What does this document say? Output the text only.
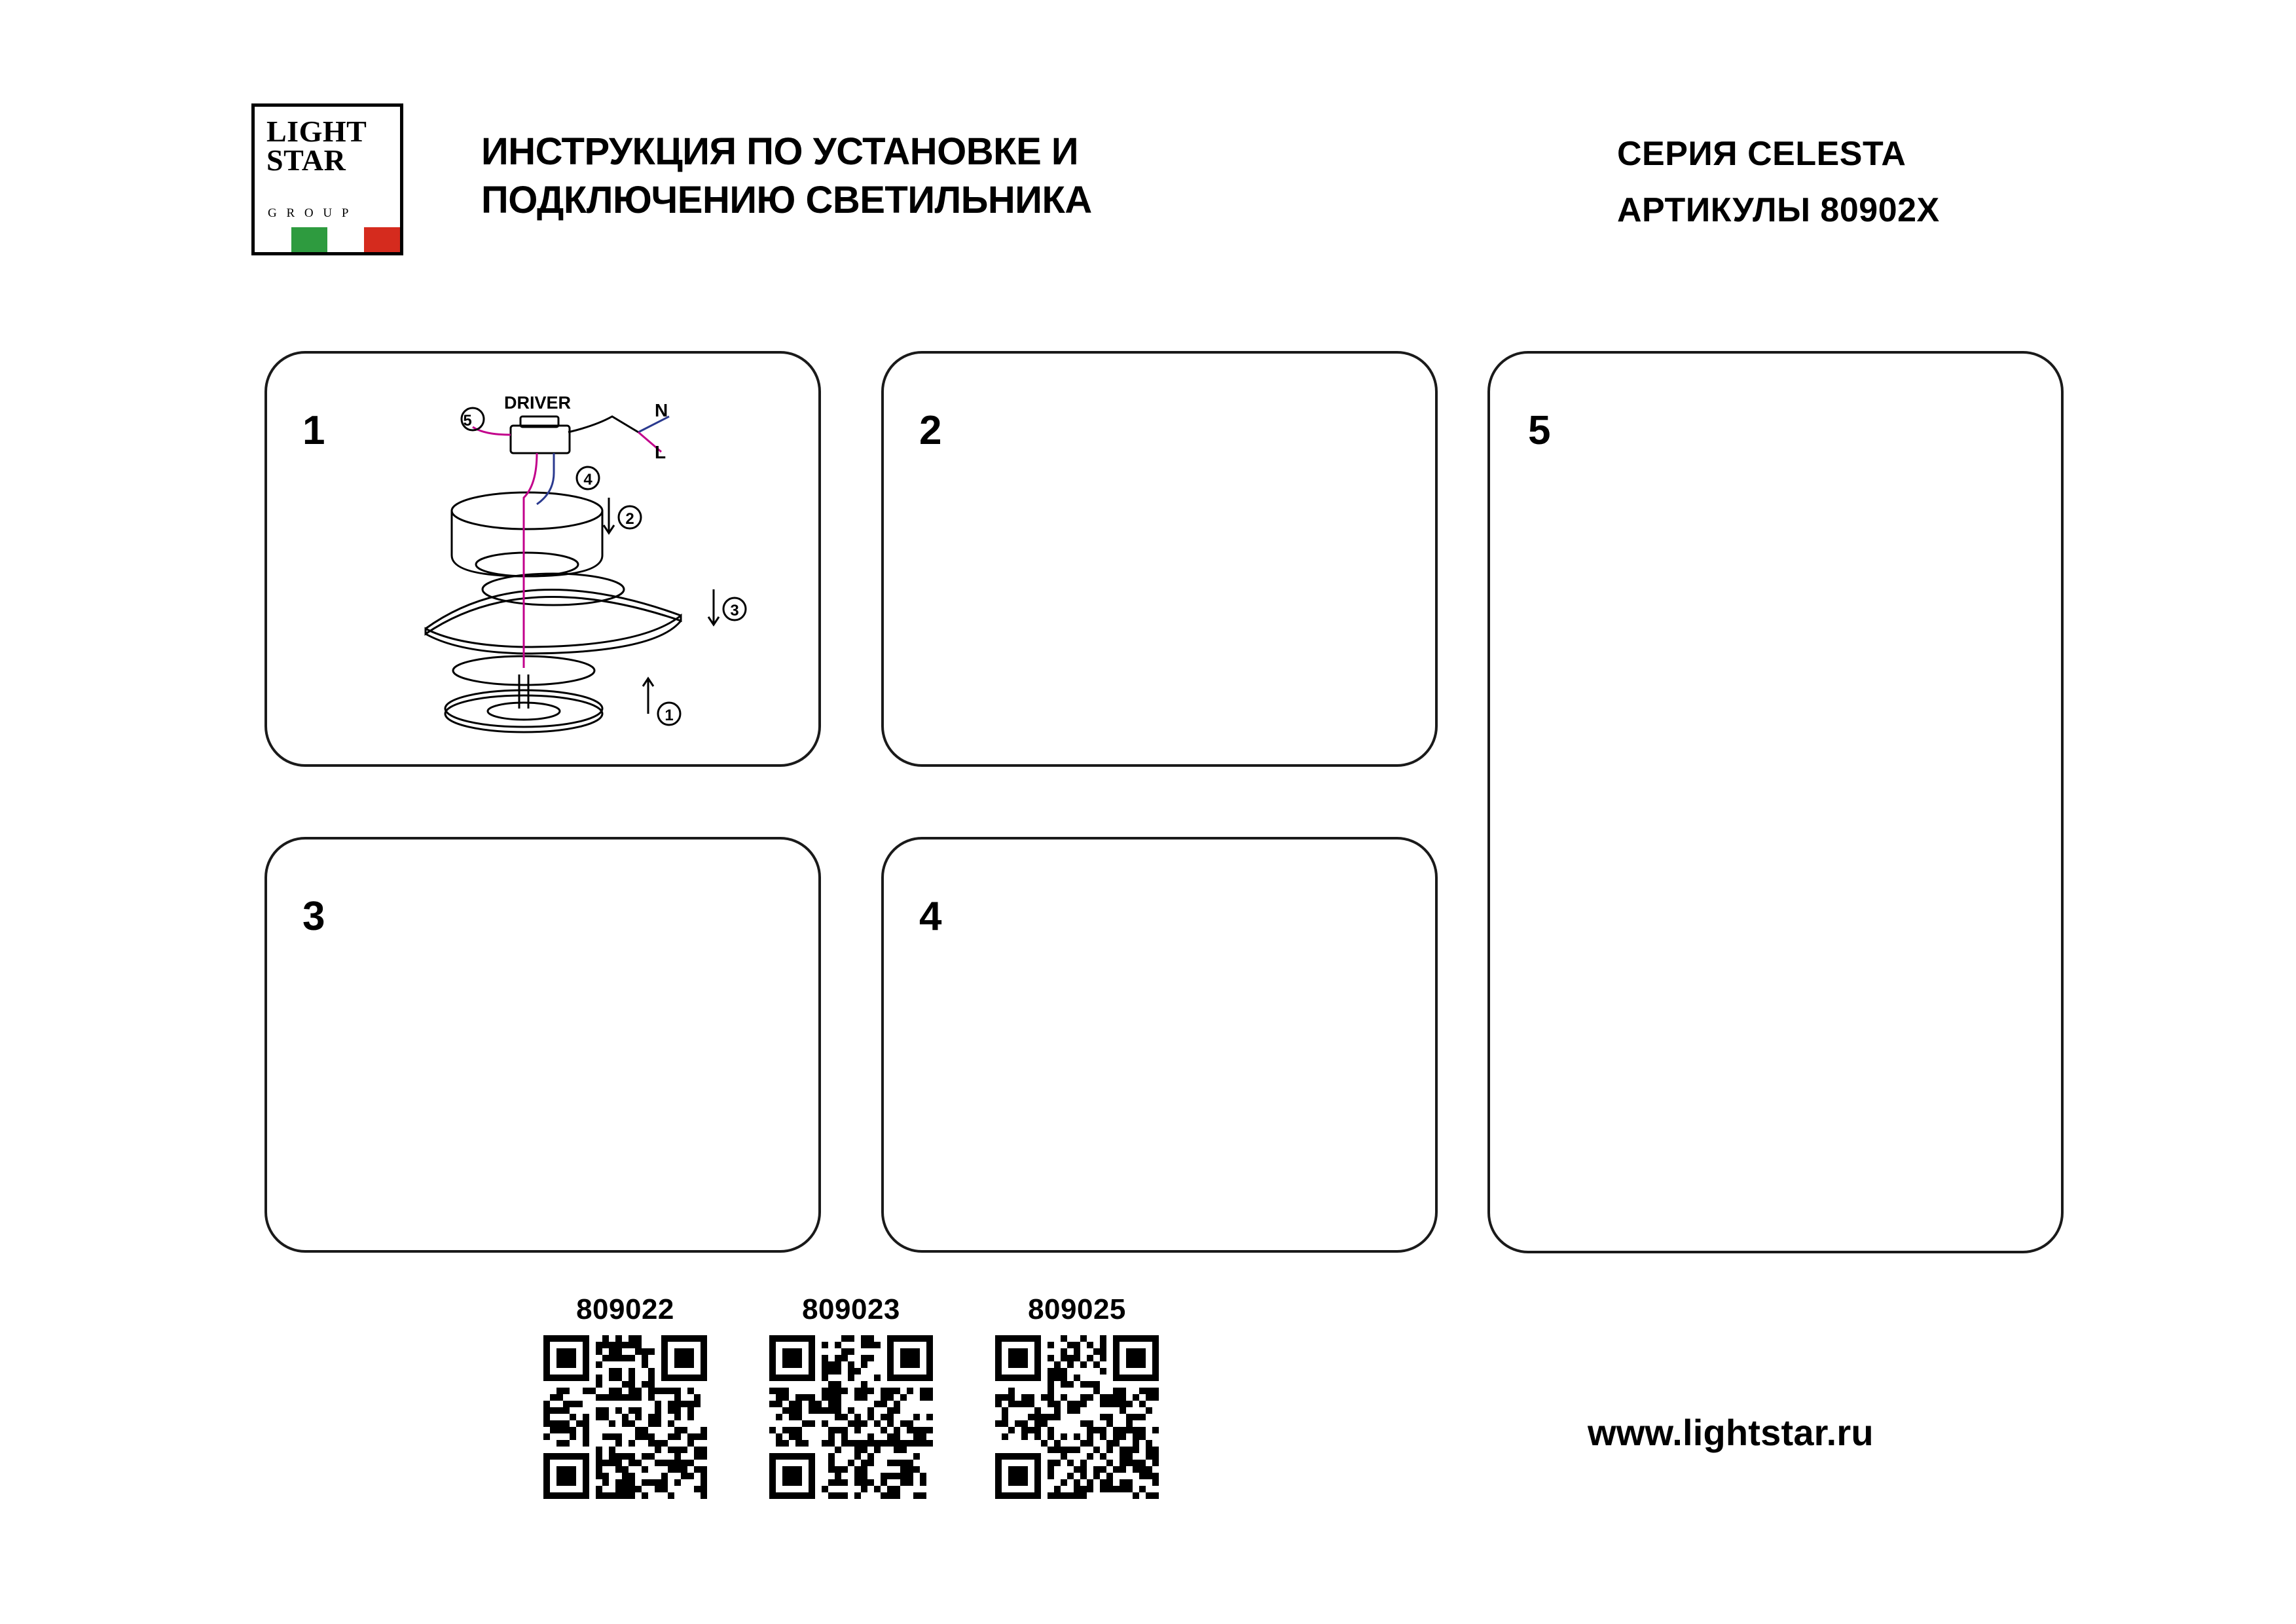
LIGHT
STAR
G R O U P
ИНСТРУКЦИЯ ПО УСТАНОВКЕ И ПОДКЛЮЧЕНИЮ СВЕТИЛЬНИКА
СЕРИЯ CELESTA
АРТИКУЛЫ 80902X
1
DRIVER	N
L
5
4
3
1
2
2
3	4
5
809022	809023	809025
www.lightstar.ru
